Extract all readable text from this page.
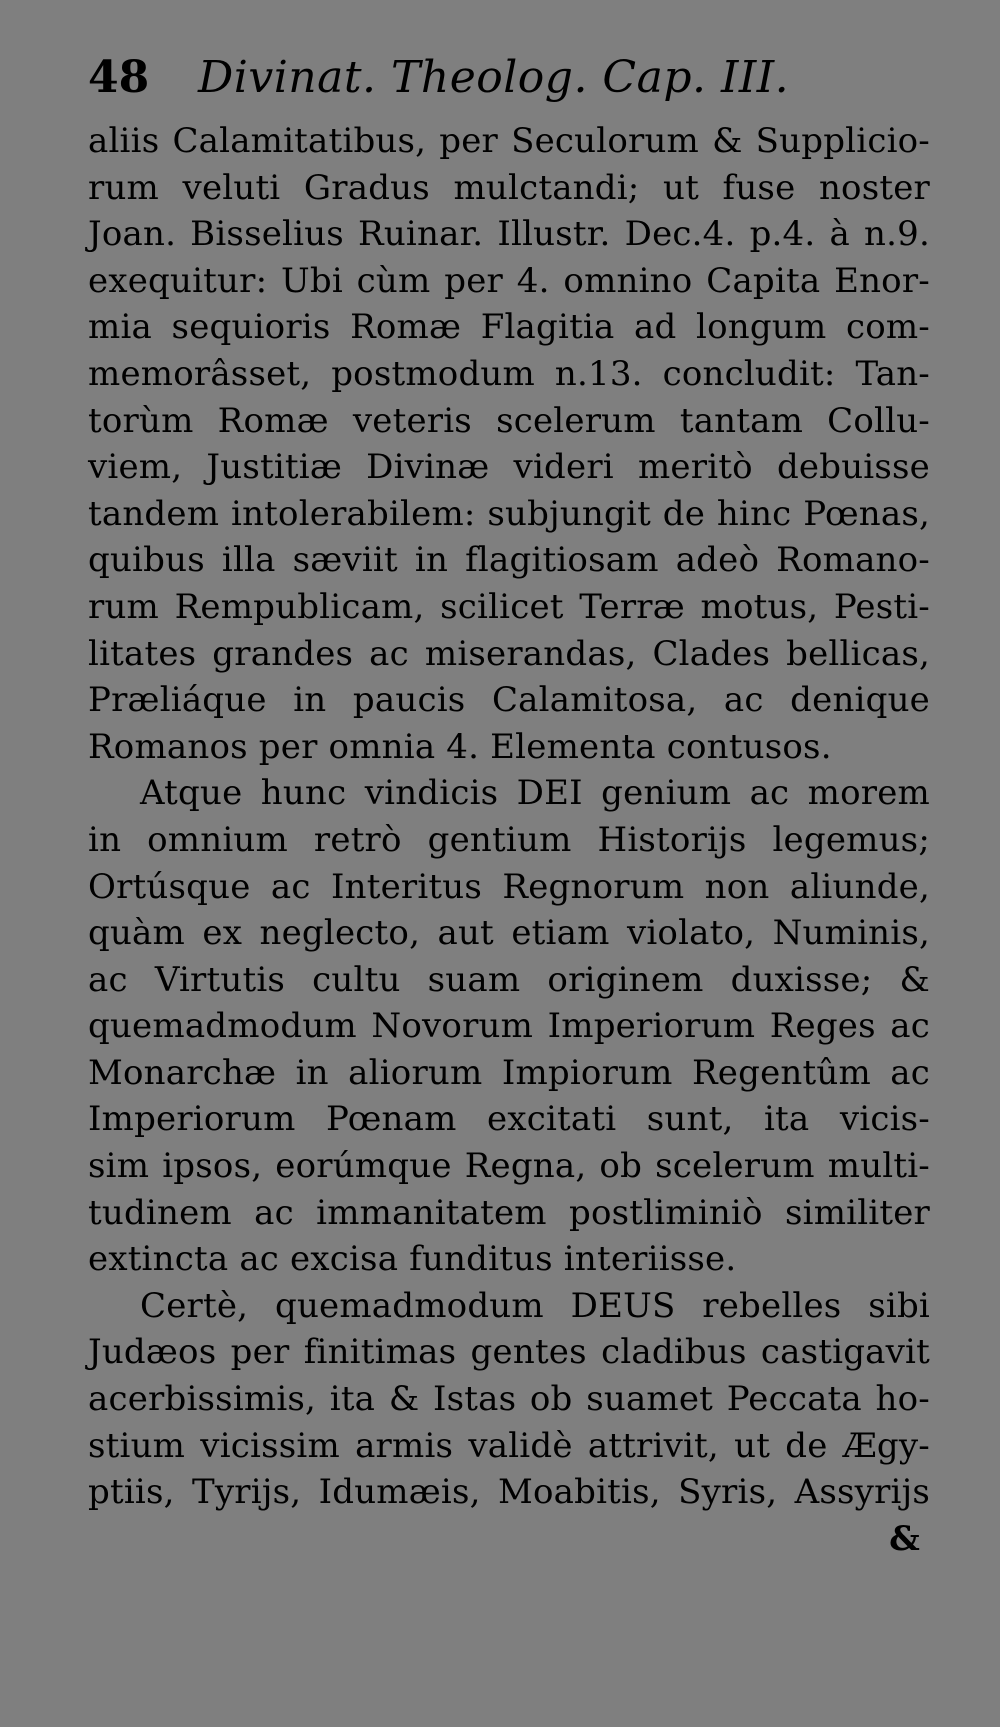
48	Divinat. Theolog. Cap. III.

aliis Calamitatibus, per Seculorum & Supplicio-
rum veluti Gradus mulctandi; ut fuse noster
Joan. Bisselius Ruinar. Illustr. Dec.4. p.4. à n.9.
exequitur: Ubi cùm per 4. omnino Capita Enor-
mia sequioris Romæ Flagitia ad longum com-
memorâsset, postmodum n.13. concludit: Tan-
torùm Romæ veteris scelerum tantam Collu-
viem, Justitiæ Divinæ videri meritò debuisse
tandem intolerabilem: subjungit de hinc Pœnas,
quibus illa sæviit in flagitiosam adeò Romano-
rum Rempublicam, scilicet Terræ motus, Pesti-
litates grandes ac miserandas, Clades bellicas,
Præliáque in paucis Calamitosa, ac denique
Romanos per omnia 4. Elementa contusos.

Atque hunc vindicis DEI genium ac morem
in omnium retrò gentium Historijs legemus;
Ortúsque ac Interitus Regnorum non aliunde,
quàm ex neglecto, aut etiam violato, Numinis,
ac Virtutis cultu suam originem duxisse; &
quemadmodum Novorum Imperiorum Reges ac
Monarchæ in aliorum Impiorum Regentûm ac
Imperiorum Pœnam excitati sunt, ita vicis-
sim ipsos, eorúmque Regna, ob scelerum multi-
tudinem ac immanitatem postliminiò similiter
extincta ac excisa funditus interiisse.

Certè, quemadmodum DEUS rebelles sibi
Judæos per finitimas gentes cladibus castigavit
acerbissimis, ita & Istas ob suamet Peccata ho-
stium vicissim armis validè attrivit, ut de Ægy-
ptiis, Tyrijs, Idumæis, Moabitis, Syris, Assyrijs

&
